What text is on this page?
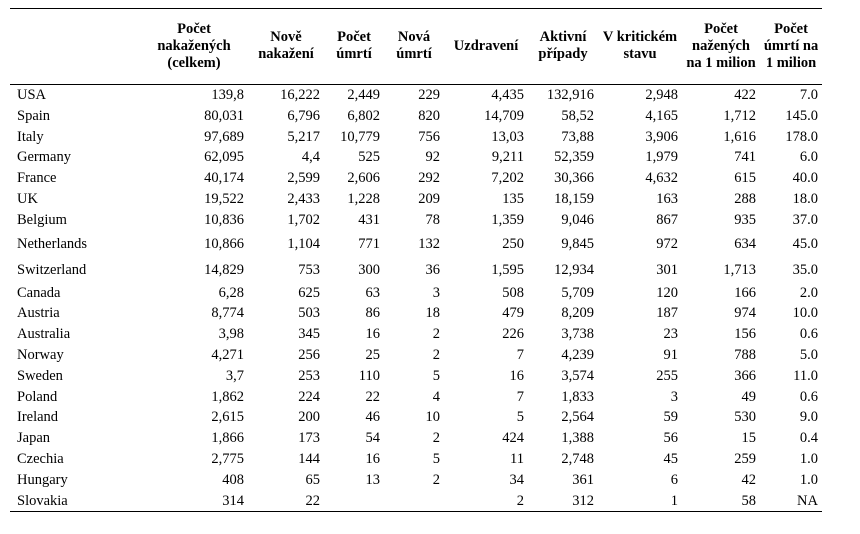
	Počet nakažených (celkem)	Nově nakažení	Počet úmrtí	Nová úmrtí	Uzdravení	Aktivní případy	V kritickém stavu	Počet nažených na 1 milion	Počet úmrtí na 1 milion
USA	139,8	16,222	2,449	229	4,435	132,916	2,948	422	7.0
Spain	80,031	6,796	6,802	820	14,709	58,52	4,165	1,712	145.0
Italy	97,689	5,217	10,779	756	13,03	73,88	3,906	1,616	178.0
Germany	62,095	4,4	525	92	9,211	52,359	1,979	741	6.0
France	40,174	2,599	2,606	292	7,202	30,366	4,632	615	40.0
UK	19,522	2,433	1,228	209	135	18,159	163	288	18.0
Belgium	10,836	1,702	431	78	1,359	9,046	867	935	37.0
Netherlands	10,866	1,104	771	132	250	9,845	972	634	45.0
Switzerland	14,829	753	300	36	1,595	12,934	301	1,713	35.0
Canada	6,28	625	63	3	508	5,709	120	166	2.0
Austria	8,774	503	86	18	479	8,209	187	974	10.0
Australia	3,98	345	16	2	226	3,738	23	156	0.6
Norway	4,271	256	25	2	7	4,239	91	788	5.0
Sweden	3,7	253	110	5	16	3,574	255	366	11.0
Poland	1,862	224	22	4	7	1,833	3	49	0.6
Ireland	2,615	200	46	10	5	2,564	59	530	9.0
Japan	1,866	173	54	2	424	1,388	56	15	0.4
Czechia	2,775	144	16	5	11	2,748	45	259	1.0
Hungary	408	65	13	2	34	361	6	42	1.0
Slovakia	314	22			2	312	1	58	NA
